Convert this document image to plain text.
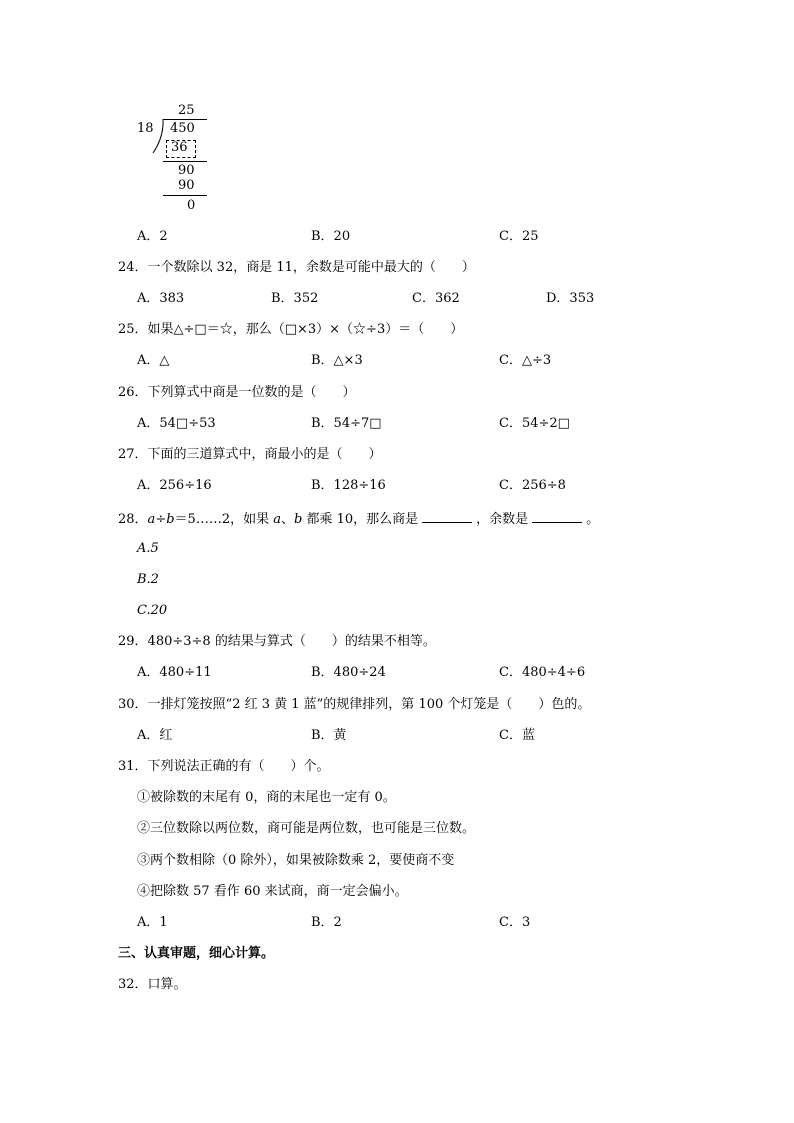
25
18 450
36
90
90
0
A．2	B．20	C．25
24．一个数除以 32，商是 11，余数是可能中最大的（　　）
A．383	B．352	C．362	D．353
25．如果△÷□＝☆，那么（□×3）×（☆÷3）＝（　　）
A．△	B．△×3	C．△÷3
26．下列算式中商是一位数的是（　　）
A．54□÷53	B．54÷7□	C．54÷2□
27．下面的三道算式中，商最小的是（　　）
A．256÷16	B．128÷16	C．256÷8
28．a÷b＝5……2，如果 a、b 都乘 10，那么商是	，余数是	。
A.5
B.2
C.20
29．480÷3÷8 的结果与算式（　　）的结果不相等。
A．480÷11	B．480÷24	C．480÷4÷6
30．一排灯笼按照“2 红 3 黄 1 蓝”的规律排列，第 100 个灯笼是（　　）色的。
A．红	B．黄	C．蓝
31．下列说法正确的有（　　）个。
①被除数的末尾有 0，商的末尾也一定有 0。
②三位数除以两位数，商可能是两位数，也可能是三位数。
③两个数相除（0 除外），如果被除数乘 2，要使商不变
④把除数 57 看作 60 来试商，商一定会偏小。
A．1	B．2	C．3
三、认真审题，细心计算。
32．口算。
